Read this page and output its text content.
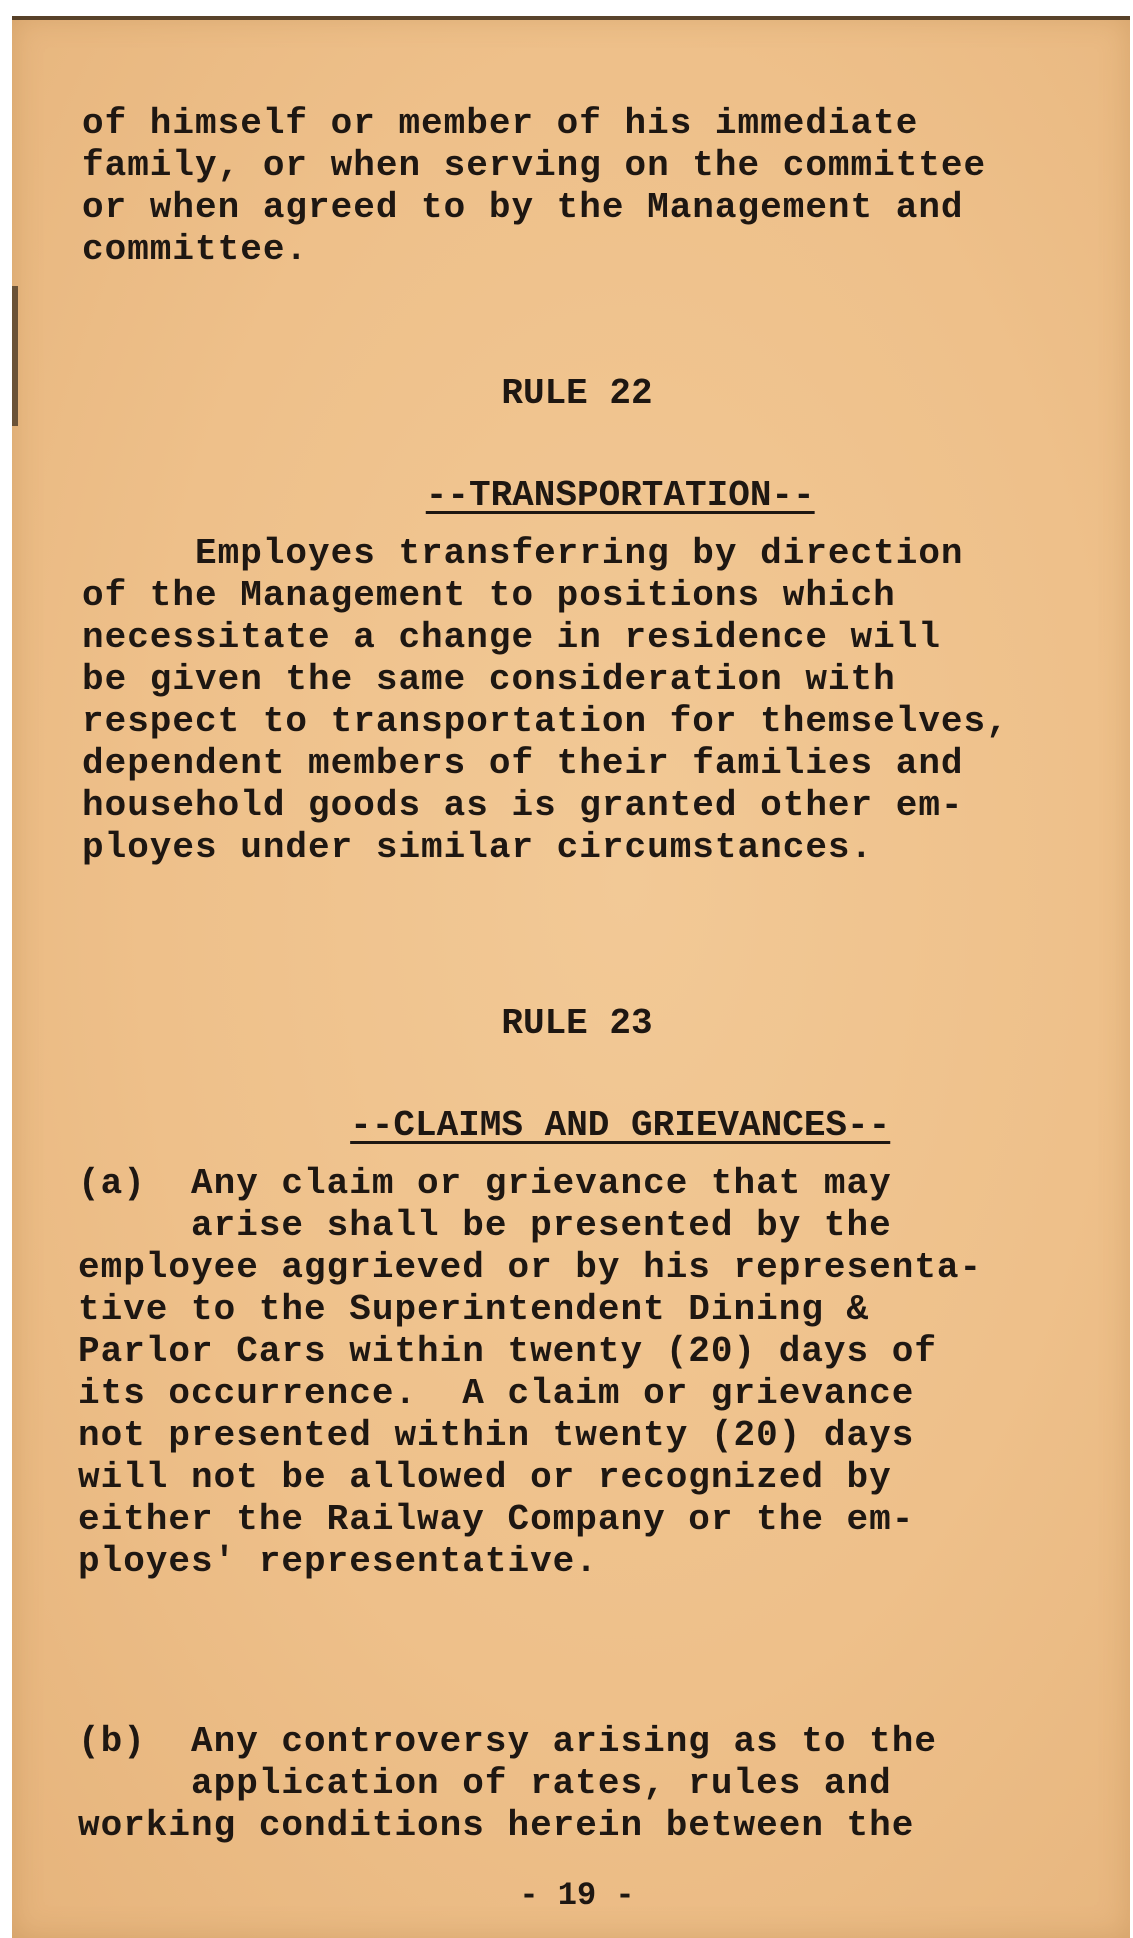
of himself or member of his immediate

family, or when serving on the committee

or when agreed to by the Management and

committee.

RULE 22

--TRANSPORTATION--

Employes transferring by direction

of the Management to positions which

necessitate a change in residence will

be given the same consideration with

respect to transportation for themselves,

dependent members of their families and

household goods as is granted other em-

ployes under similar circumstances.

RULE 23

--CLAIMS AND GRIEVANCES--

(a)  Any claim or grievance that may

arise shall be presented by the

employee aggrieved or by his representa-

tive to the Superintendent Dining &

Parlor Cars within twenty (20) days of

its occurrence.  A claim or grievance

not presented within twenty (20) days

will not be allowed or recognized by

either the Railway Company or the em-

ployes' representative.

(b)  Any controversy arising as to the

application of rates, rules and

working conditions herein between the

- 19 -
